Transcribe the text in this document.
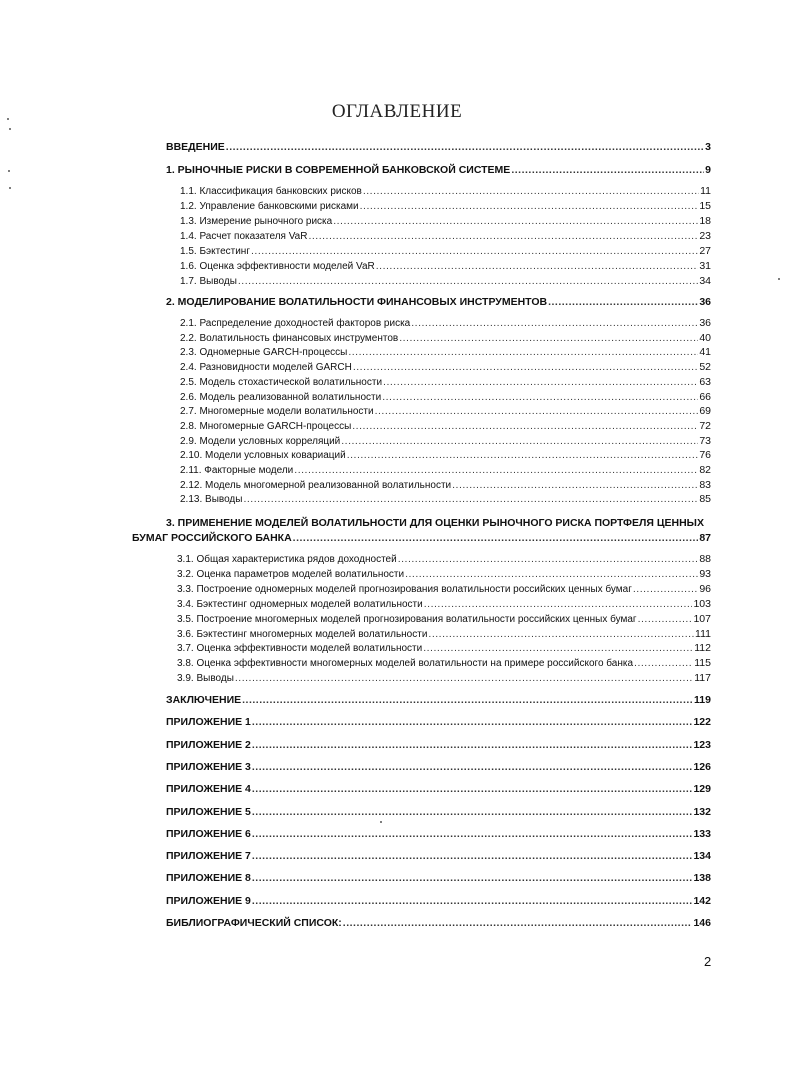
ОГЛАВЛЕНИЕ
ВВЕДЕНИЕ .....	3
1. РЫНОЧНЫЕ РИСКИ В СОВРЕМЕННОЙ БАНКОВСКОЙ СИСТЕМЕ .....	9
1.1. Классификация банковских рисков .....	11
1.2. Управление банковскими рисками .....	15
1.3. Измерение рыночного риска .....	18
1.4. Расчет показателя VaR .....	23
1.5. Бэктестинг .....	27
1.6. Оценка эффективности моделей VaR .....	31
1.7. Выводы .....	34
2. МОДЕЛИРОВАНИЕ ВОЛАТИЛЬНОСТИ ФИНАНСОВЫХ ИНСТРУМЕНТОВ .....	36
2.1. Распределение доходностей факторов риска .....	36
2.2. Волатильность финансовых инструментов .....	40
2.3. Одномерные GARCH-процессы .....	41
2.4. Разновидности моделей GARCH .....	52
2.5. Модель стохастической волатильности .....	63
2.6. Модель реализованной волатильности .....	66
2.7. Многомерные модели волатильности .....	69
2.8. Многомерные GARCH-процессы .....	72
2.9. Модели условных корреляций .....	73
2.10. Модели условных ковариаций .....	76
2.11. Факторные модели .....	82
2.12. Модель многомерной реализованной волатильности .....	83
2.13. Выводы .....	85
3. ПРИМЕНЕНИЕ МОДЕЛЕЙ ВОЛАТИЛЬНОСТИ ДЛЯ ОЦЕНКИ РЫНОЧНОГО РИСКА ПОРТФЕЛЯ ЦЕННЫХ
БУМАГ РОССИЙСКОГО БАНКА .....	87
3.1. Общая характеристика рядов доходностей .....	88
3.2. Оценка параметров моделей волатильности .....	93
3.3. Построение одномерных моделей прогнозирования волатильности российских ценных бумаг .....	96
3.4. Бэктестинг одномерных моделей волатильности .....	103
3.5. Построение многомерных моделей прогнозирования волатильности российских ценных бумаг .....	107
3.6. Бэктестинг многомерных моделей волатильности .....	111
3.7. Оценка эффективности моделей волатильности .....	112
3.8. Оценка эффективности многомерных моделей волатильности на примере российского банка .....	115
3.9. Выводы .....	117
ЗАКЛЮЧЕНИЕ .....	119
ПРИЛОЖЕНИЕ 1 .....	122
ПРИЛОЖЕНИЕ 2 .....	123
ПРИЛОЖЕНИЕ 3 .....	126
ПРИЛОЖЕНИЕ 4 .....	129
ПРИЛОЖЕНИЕ 5 .....	132
ПРИЛОЖЕНИЕ 6 .....	133
ПРИЛОЖЕНИЕ 7 .....	134
ПРИЛОЖЕНИЕ 8 .....	138
ПРИЛОЖЕНИЕ 9 .....	142
БИБЛИОГРАФИЧЕСКИЙ СПИСОК: .....	146
2
